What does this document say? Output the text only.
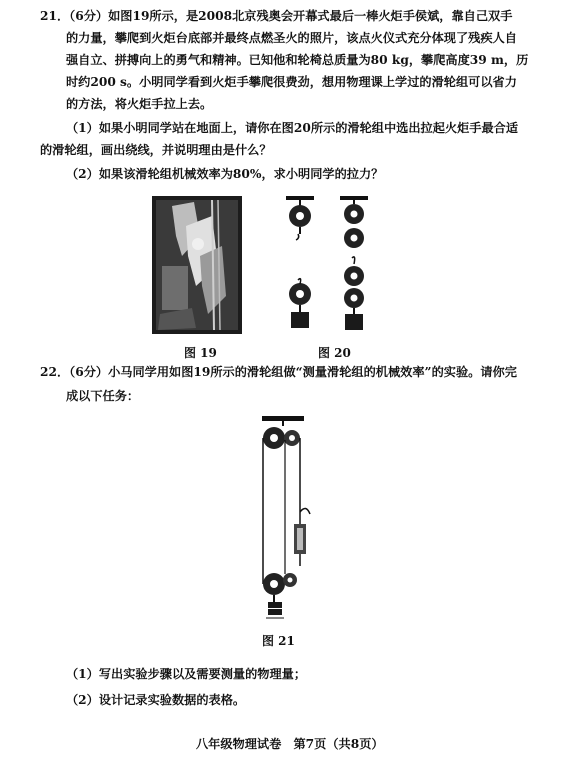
21．（6分）如图19所示，是2008北京残奥会开幕式最后一棒火炬手侯斌，靠自己双手
的力量，攀爬到火炬台底部并最终点燃圣火的照片，该点火仪式充分体现了残疾人自
强自立、拼搏向上的勇气和精神。已知他和轮椅总质量为80 kg，攀爬高度39 m，历
时约200 s。小明同学看到火炬手攀爬很费劲，想用物理课上学过的滑轮组可以省力
的方法，将火炬手拉上去。
（1）如果小明同学站在地面上，请你在图20所示的滑轮组中选出拉起火炬手最合适
的滑轮组，画出绕线，并说明理由是什么？
（2）如果该滑轮组机械效率为80%，求小明同学的拉力？
图 19	图 20
22．（6分）小马同学用如图19所示的滑轮组做“测量滑轮组的机械效率”的实验。请你完
成以下任务：
图 21
（1）写出实验步骤以及需要测量的物理量；
（2）设计记录实验数据的表格。
八年级物理试卷　第7页（共8页）
